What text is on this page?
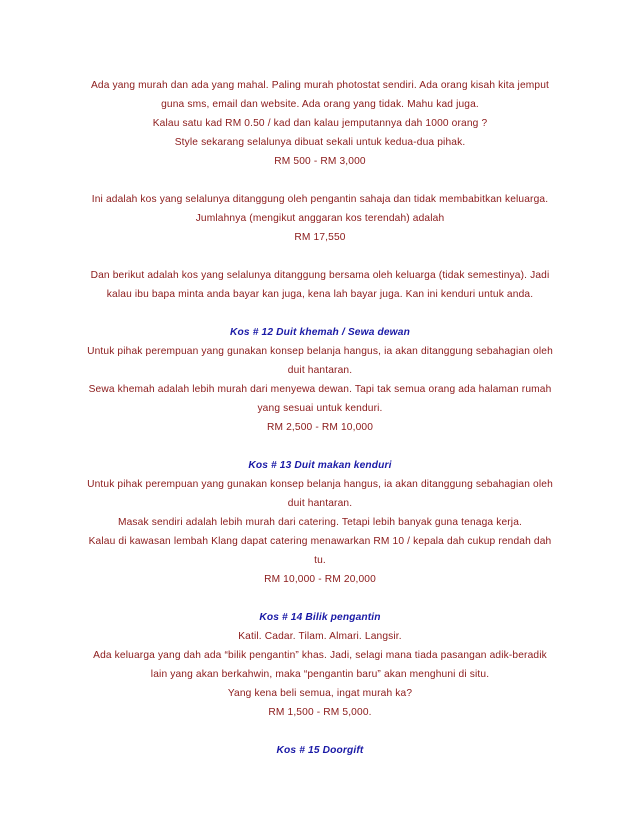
Ada yang murah dan ada yang mahal. Paling murah photostat sendiri. Ada orang kisah kita jemput

guna sms, email dan website. Ada orang yang tidak. Mahu kad juga.

Kalau satu kad RM 0.50 / kad dan kalau jemputannya dah 1000 orang ?

Style sekarang selalunya dibuat sekali untuk kedua-dua pihak.

RM 500 - RM 3,000

Ini adalah kos yang selalunya ditanggung oleh pengantin sahaja dan tidak membabitkan keluarga.

Jumlahnya (mengikut anggaran kos terendah) adalah

RM 17,550

Dan berikut adalah kos yang selalunya ditanggung bersama oleh keluarga (tidak semestinya). Jadi

kalau ibu bapa minta anda bayar kan juga, kena lah bayar juga. Kan ini kenduri untuk anda.

Kos # 12 Duit khemah / Sewa dewan

Untuk pihak perempuan yang gunakan konsep belanja hangus, ia akan ditanggung sebahagian oleh

duit hantaran.

Sewa khemah adalah lebih murah dari menyewa dewan. Tapi tak semua orang ada halaman rumah

yang sesuai untuk kenduri.

RM 2,500 - RM 10,000

Kos # 13 Duit makan kenduri

Untuk pihak perempuan yang gunakan konsep belanja hangus, ia akan ditanggung sebahagian oleh

duit hantaran.

Masak sendiri adalah lebih murah dari catering. Tetapi lebih banyak guna tenaga kerja.

Kalau di kawasan lembah Klang dapat catering menawarkan RM 10 / kepala dah cukup rendah dah

tu.

RM 10,000 - RM 20,000

Kos # 14 Bilik pengantin

Katil. Cadar. Tilam. Almari. Langsir.

Ada keluarga yang dah ada “bilik pengantin” khas. Jadi, selagi mana tiada pasangan adik-beradik

lain yang akan berkahwin, maka “pengantin baru” akan menghuni di situ.

Yang kena beli semua, ingat murah ka?

RM 1,500 - RM 5,000.

Kos # 15 Doorgift
